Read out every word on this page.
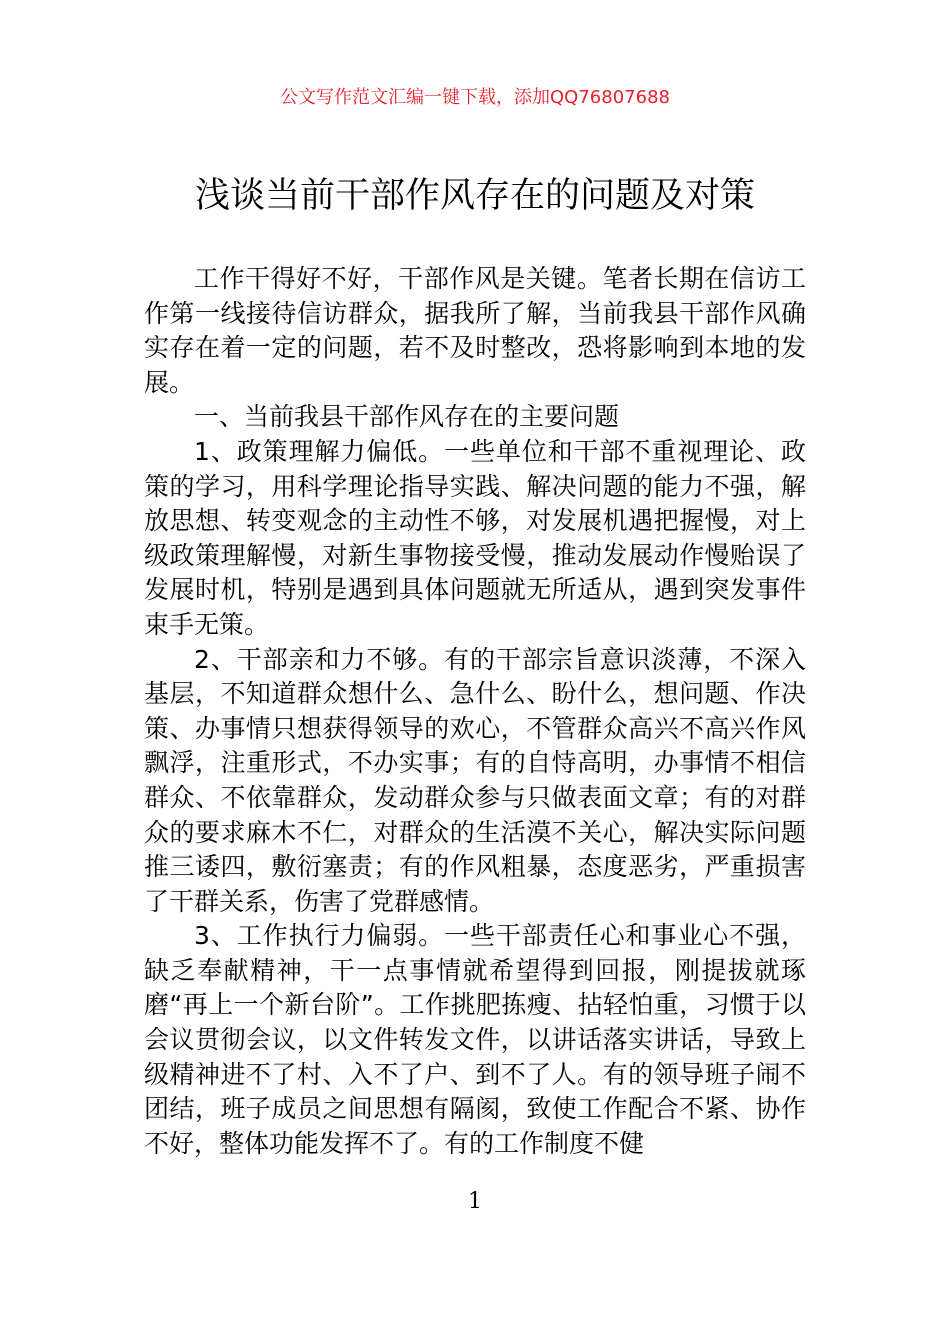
公文写作范文汇编一键下载，添加QQ76807688
浅谈当前干部作风存在的问题及对策

工作干得好不好，干部作风是关键。笔者长期在信访工作第一线接待信访群众，据我所了解，当前我县干部作风确实存在着一定的问题，若不及时整改，恐将影响到本地的发展。

一、当前我县干部作风存在的主要问题

1、政策理解力偏低。一些单位和干部不重视理论、政策的学习，用科学理论指导实践、解决问题的能力不强，解放思想、转变观念的主动性不够，对发展机遇把握慢，对上级政策理解慢，对新生事物接受慢，推动发展动作慢贻误了发展时机，特别是遇到具体问题就无所适从，遇到突发事件束手无策。

2、干部亲和力不够。有的干部宗旨意识淡薄，不深入基层，不知道群众想什么、急什么、盼什么，想问题、作决策、办事情只想获得领导的欢心，不管群众高兴不高兴作风飘浮，注重形式，不办实事；有的自恃高明，办事情不相信群众、不依靠群众，发动群众参与只做表面文章；有的对群众的要求麻木不仁，对群众的生活漠不关心，解决实际问题推三诿四，敷衍塞责；有的作风粗暴，态度恶劣，严重损害了干群关系，伤害了党群感情。

3、工作执行力偏弱。一些干部责任心和事业心不强，缺乏奉献精神，干一点事情就希望得到回报，刚提拔就琢磨“再上一个新台阶”。工作挑肥拣瘦、拈轻怕重，习惯于以会议贯彻会议，以文件转发文件，以讲话落实讲话，导致上级精神进不了村、入不了户、到不了人。有的领导班子闹不团结，班子成员之间思想有隔阂，致使工作配合不紧、协作不好，整体功能发挥不了。有的工作制度不健

1
